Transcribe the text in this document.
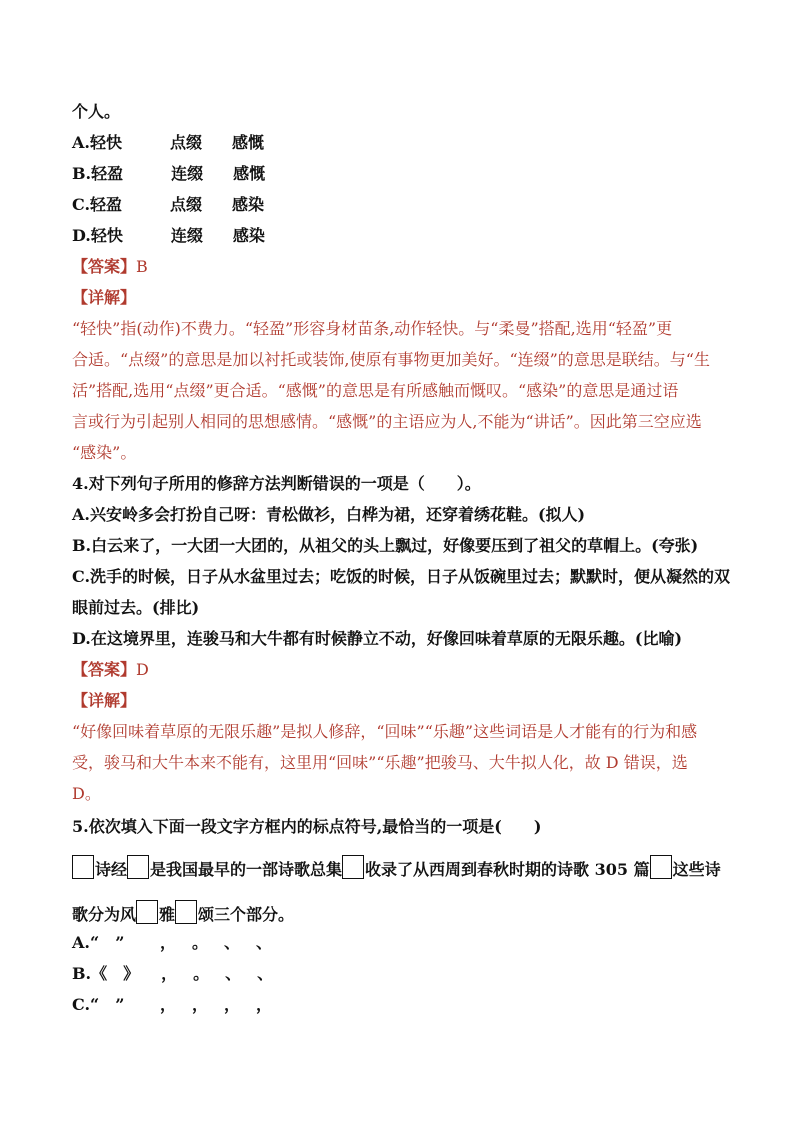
个人。
A.轻快	点缀 感慨
B.轻盈	连缀 感慨
C.轻盈	点缀 感染
D.轻快	连缀 感染
【答案】B
【详解】
“轻快”指(动作)不费力。“轻盈”形容身材苗条,动作轻快。与“柔曼”搭配,选用“轻盈”更
合适。“点缀”的意思是加以衬托或装饰,使原有事物更加美好。“连缀”的意思是联结。与“生
活”搭配,选用“点缀”更合适。“感慨”的意思是有所感触而慨叹。“感染”的意思是通过语
言或行为引起别人相同的思想感情。“感慨”的主语应为人,不能为“讲话”。因此第三空应选
“感染”。
4.对下列句子所用的修辞方法判断错误的一项是（　　）。
A.兴安岭多会打扮自己呀：青松做衫，白桦为裙，还穿着绣花鞋。(拟人)
B.白云来了，一大团一大团的，从祖父的头上飘过，好像要压到了祖父的草帽上。(夸张)
C.洗手的时候，日子从水盆里过去；吃饭的时候，日子从饭碗里过去；默默时，便从凝然的双
眼前过去。(排比)
D.在这境界里，连骏马和大牛都有时候静立不动，好像回味着草原的无限乐趣。(比喻)
【答案】D
【详解】
“好像回味着草原的无限乐趣”是拟人修辞，“回味”“乐趣”这些词语是人才能有的行为和感
受，骏马和大牛本来不能有，这里用“回味”“乐趣”把骏马、大牛拟人化，故 D 错误，选
D。
5.依次填入下面一段文字方框内的标点符号,最恰当的一项是(　　)
诗经 是我国最早的一部诗歌总集 收录了从西周到春秋时期的诗歌 305 篇 这些诗
歌分为风 雅 颂三个部分。
A.“　” ， 。 、 、
B.《　》 ， 。 、 、
C.“　” ， ， ， ，
